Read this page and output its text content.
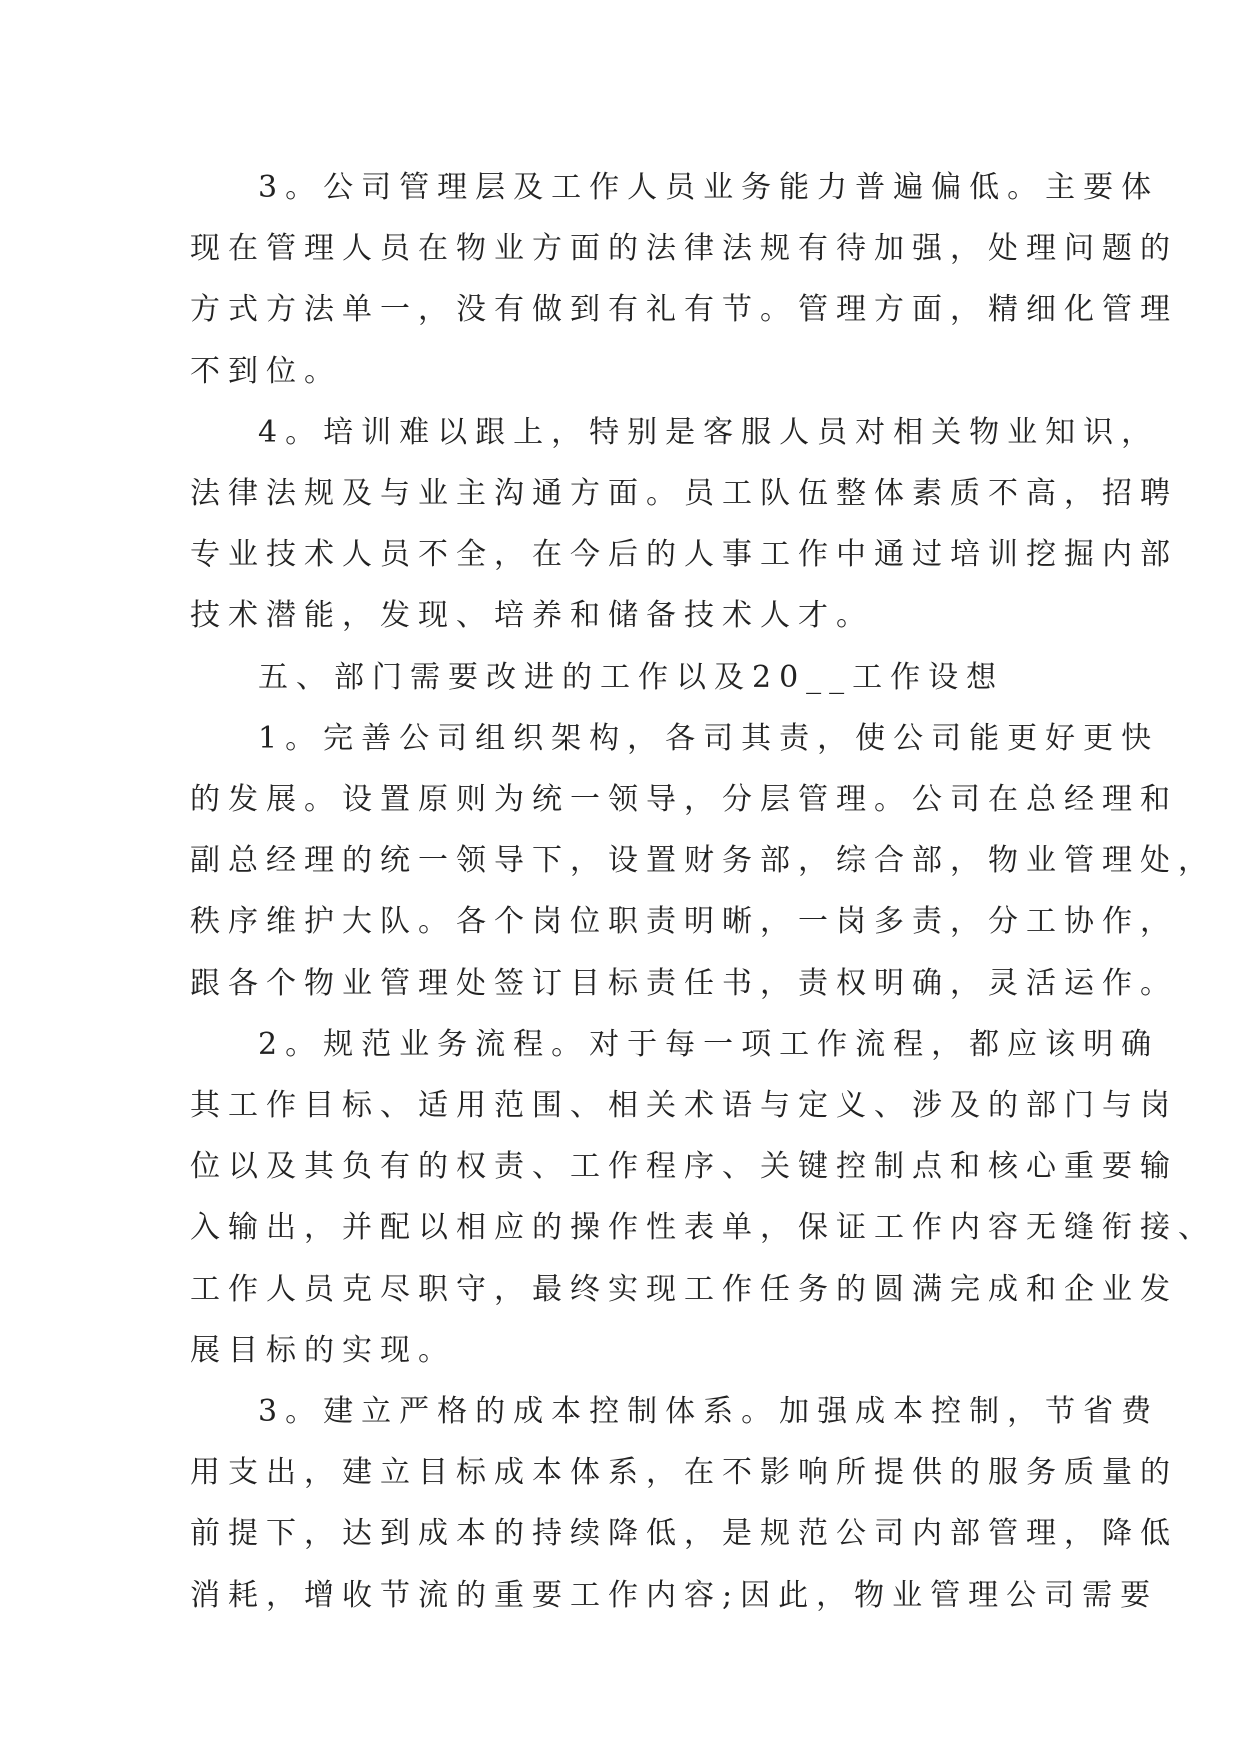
3。公司管理层及工作人员业务能力普遍偏低。主要体
现在管理人员在物业方面的法律法规有待加强，处理问题的
方式方法单一，没有做到有礼有节。管理方面，精细化管理
不到位。
4。培训难以跟上，特别是客服人员对相关物业知识，
法律法规及与业主沟通方面。员工队伍整体素质不高，招聘
专业技术人员不全，在今后的人事工作中通过培训挖掘内部
技术潜能，发现、培养和储备技术人才。
五、部门需要改进的工作以及20__工作设想
1。完善公司组织架构，各司其责，使公司能更好更快
的发展。设置原则为统一领导，分层管理。公司在总经理和
副总经理的统一领导下，设置财务部，综合部，物业管理处，
秩序维护大队。各个岗位职责明晰，一岗多责，分工协作，
跟各个物业管理处签订目标责任书，责权明确，灵活运作。
2。规范业务流程。对于每一项工作流程，都应该明确
其工作目标、适用范围、相关术语与定义、涉及的部门与岗
位以及其负有的权责、工作程序、关键控制点和核心重要输
入输出，并配以相应的操作性表单，保证工作内容无缝衔接、
工作人员克尽职守，最终实现工作任务的圆满完成和企业发
展目标的实现。
3。建立严格的成本控制体系。加强成本控制，节省费
用支出，建立目标成本体系，在不影响所提供的服务质量的
前提下，达到成本的持续降低，是规范公司内部管理，降低
消耗，增收节流的重要工作内容;因此，物业管理公司需要
